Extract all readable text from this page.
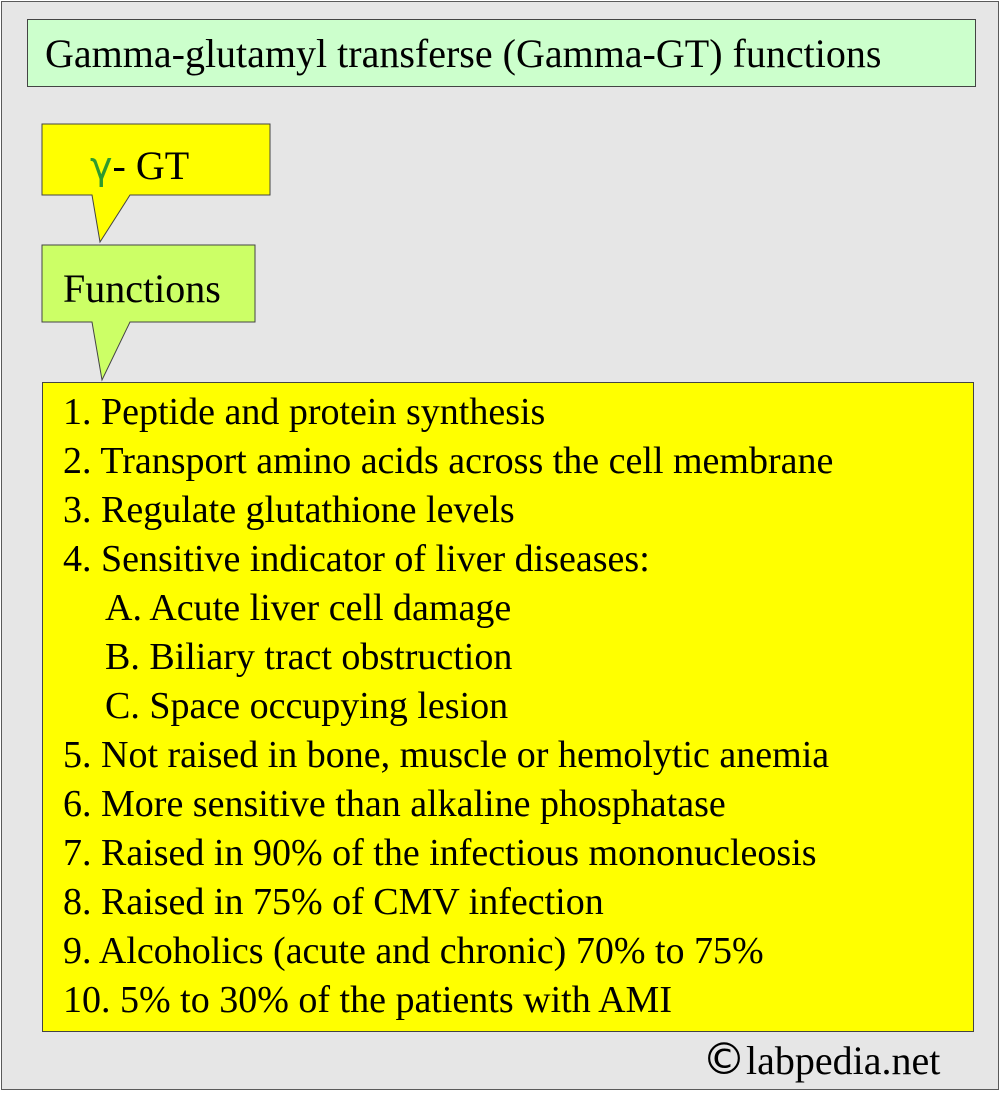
Gamma-glutamyl transferse (Gamma-GT) functions
γ- GT
Functions
1. Peptide and protein synthesis
2. Transport amino acids across the cell membrane
3. Regulate glutathione levels
4. Sensitive indicator of liver diseases:
A. Acute liver cell damage
B. Biliary tract obstruction
C. Space occupying lesion
5. Not raised in bone, muscle or hemolytic anemia
6. More sensitive than alkaline phosphatase
7. Raised in 90% of the infectious mononucleosis
8. Raised in 75% of CMV infection
9. Alcoholics (acute and chronic) 70% to 75%
10. 5% to 30% of the patients with AMI
©labpedia.net
